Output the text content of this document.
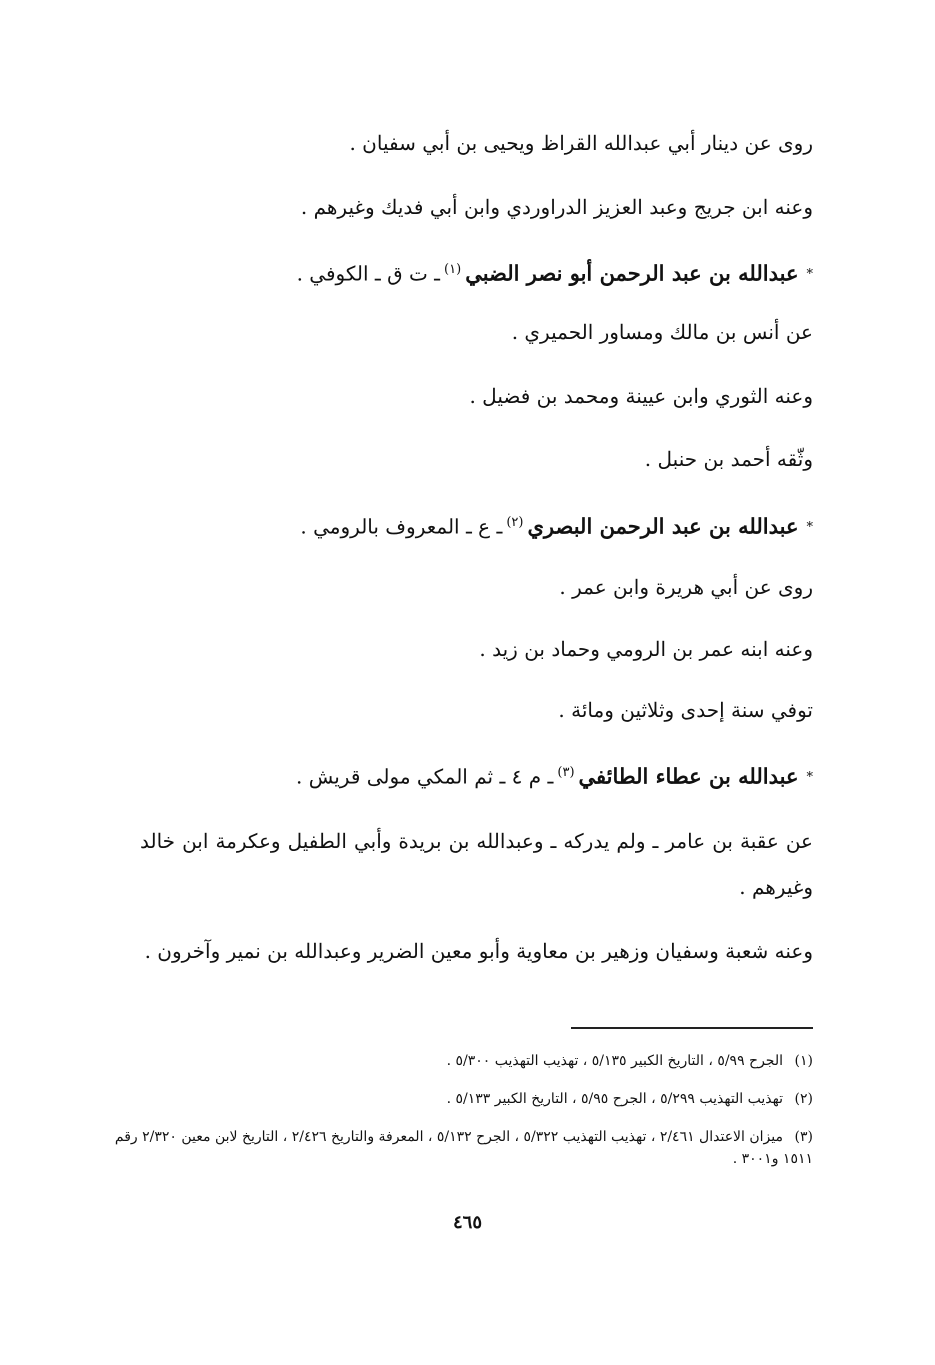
روى عن دينار أبي عبدالله القراظ ويحيى بن أبي سفيان .
وعنه ابن جريج وعبد العزيز الدراوردي وابن أبي فديك وغيرهم .
*عبدالله بن عبد الرحمن أبو نصر الضبي$^{(١)}$ـ ت ق ـ الكوفي .
عن أنس بن مالك ومساور الحميري .
وعنه الثوري وابن عيينة ومحمد بن فضيل .
وثّقه أحمد بن حنبل .
*عبدالله بن عبد الرحمن البصري$^{(٢)}$ـ ع ـ المعروف بالرومي .
روى عن أبي هريرة وابن عمر .
وعنه ابنه عمر بن الرومي وحماد بن زيد .
توفي سنة إحدى وثلاثين ومائة .
*عبدالله بن عطاء الطائفي$^{(٣)}$ـ م ٤ ـ ثم المكي مولى قريش .
عن عقبة بن عامر ـ ولم يدركه ـ وعبدالله بن بريدة وأبي الطفيل وعكرمة ابن خالد وغيرهم .
وعنه شعبة وسفيان وزهير بن معاوية وأبو معين الضرير وعبدالله بن نمير وآخرون .
(١)الجرح ٥/٩٩ ، التاريخ الكبير ٥/١٣٥ ، تهذيب التهذيب ٥/٣٠٠ .
(٢)تهذيب التهذيب ٥/٢٩٩ ، الجرح ٥/٩٥ ، التاريخ الكبير ٥/١٣٣ .
(٣)ميزان الاعتدال ٢/٤٦١ ، تهذيب التهذيب ٥/٣٢٢ ، الجرح ٥/١٣٢ ، المعرفة والتاريخ ٢/٤٢٦ ، التاريخ لابن معين ٢/٣٢٠ رقم ١٥١١ و٣٠٠١ .
٤٦٥
